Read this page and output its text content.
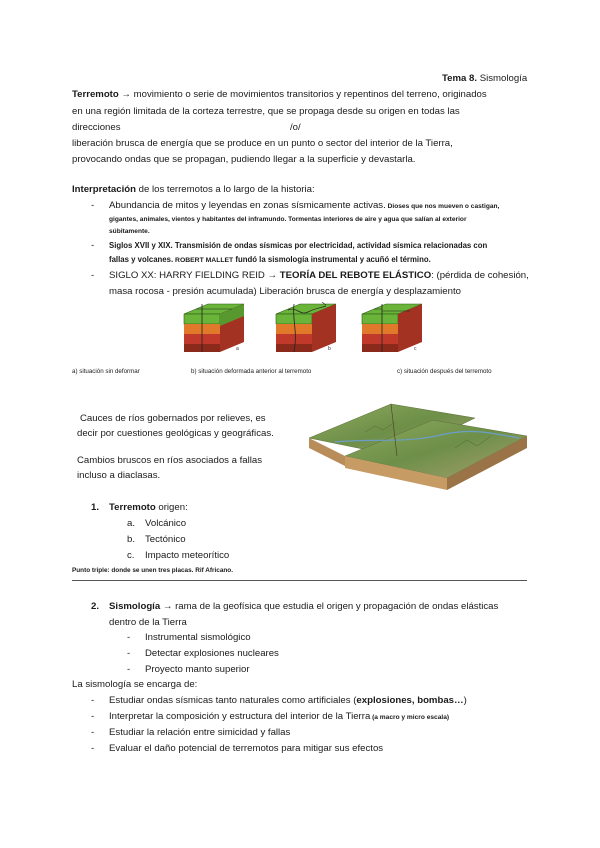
Tema 8. Sismología
Terremoto → movimiento o serie de movimientos transitorios y repentinos del terreno, originados
en una región limitada de la corteza terrestre, que se propaga desde su origen en todas las
direcciones	/o/
liberación brusca de energía que se produce en un punto o sector del interior de la Tierra,
provocando ondas que se propagan, pudiendo llegar a la superficie y devastarla.
Interpretación de los terremotos a lo largo de la historia:
- Abundancia de mitos y leyendas en zonas sísmicamente activas. Dioses que nos mueven o castigan,
gigantes, animales, vientos y habitantes del inframundo. Tormentas interiores de aire y agua que salían al exterior
súbitamente.
- Siglos XVII y XIX. Transmisión de ondas sísmicas por electricidad, actividad sísmica relacionadas con
fallas y volcanes. ROBERT MALLET fundó la sismología instrumental y acuñó el término.
- SIGLO XX: HARRY FIELDING REID → TEORÍA DEL REBOTE ELÁSTICO: (pérdida de cohesión,
masa rocosa - presión acumulada) Liberación brusca de energía y desplazamiento
a	b	c
a) situación sin deformar	b) situación deformada anterior al terremoto	c) situación después del terremoto
Cauces de ríos gobernados por relieves, es
decir por cuestiones geológicas y geográficas.
Cambios bruscos en ríos asociados a fallas
incluso a diaclasas.
1. Terremoto origen:
a. Volcánico
b. Tectónico
c. Impacto meteorítico
Punto triple: donde se unen tres placas. Rif Africano.
2. Sismología → rama de la geofísica que estudia el origen y propagación de ondas elásticas
dentro de la Tierra
- Instrumental sismológico
- Detectar explosiones nucleares
- Proyecto manto superior
La sismología se encarga de:
- Estudiar ondas sísmicas tanto naturales como artificiales (explosiones, bombas…)
- Interpretar la composición y estructura del interior de la Tierra (a macro y micro escala)
- Estudiar la relación entre simicidad y fallas
- Evaluar el daño potencial de terremotos para mitigar sus efectos
